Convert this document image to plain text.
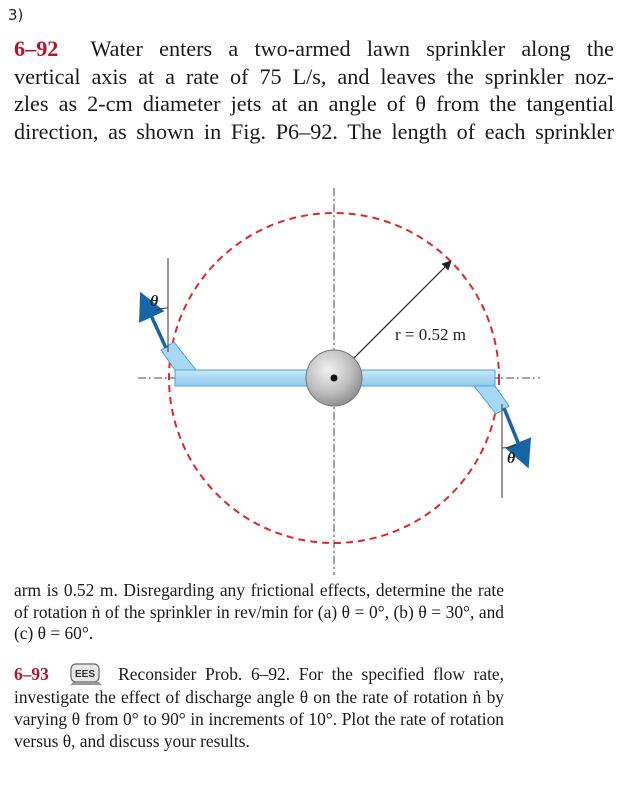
3)
6–92 Water enters a two-armed lawn sprinkler along the
vertical axis at a rate of 75 L/s, and leaves the sprinkler noz-
zles as 2-cm diameter jets at an angle of θ from the tangential
direction, as shown in Fig. P6–92. The length of each sprinkler
r = 0.52 m
θ
θ
arm is 0.52 m. Disregarding any frictional effects, determine the rate of rotation ṅ of the sprinkler in rev/min for (a) θ = 0°, (b) θ = 30°, and (c) θ = 60°.
6–93	EES Reconsider Prob. 6–92. For the specified flow rate, investigate the effect of discharge angle θ on the rate of rotation ṅ by varying θ from 0° to 90° in increments of 10°. Plot the rate of rotation versus θ, and discuss your results.
